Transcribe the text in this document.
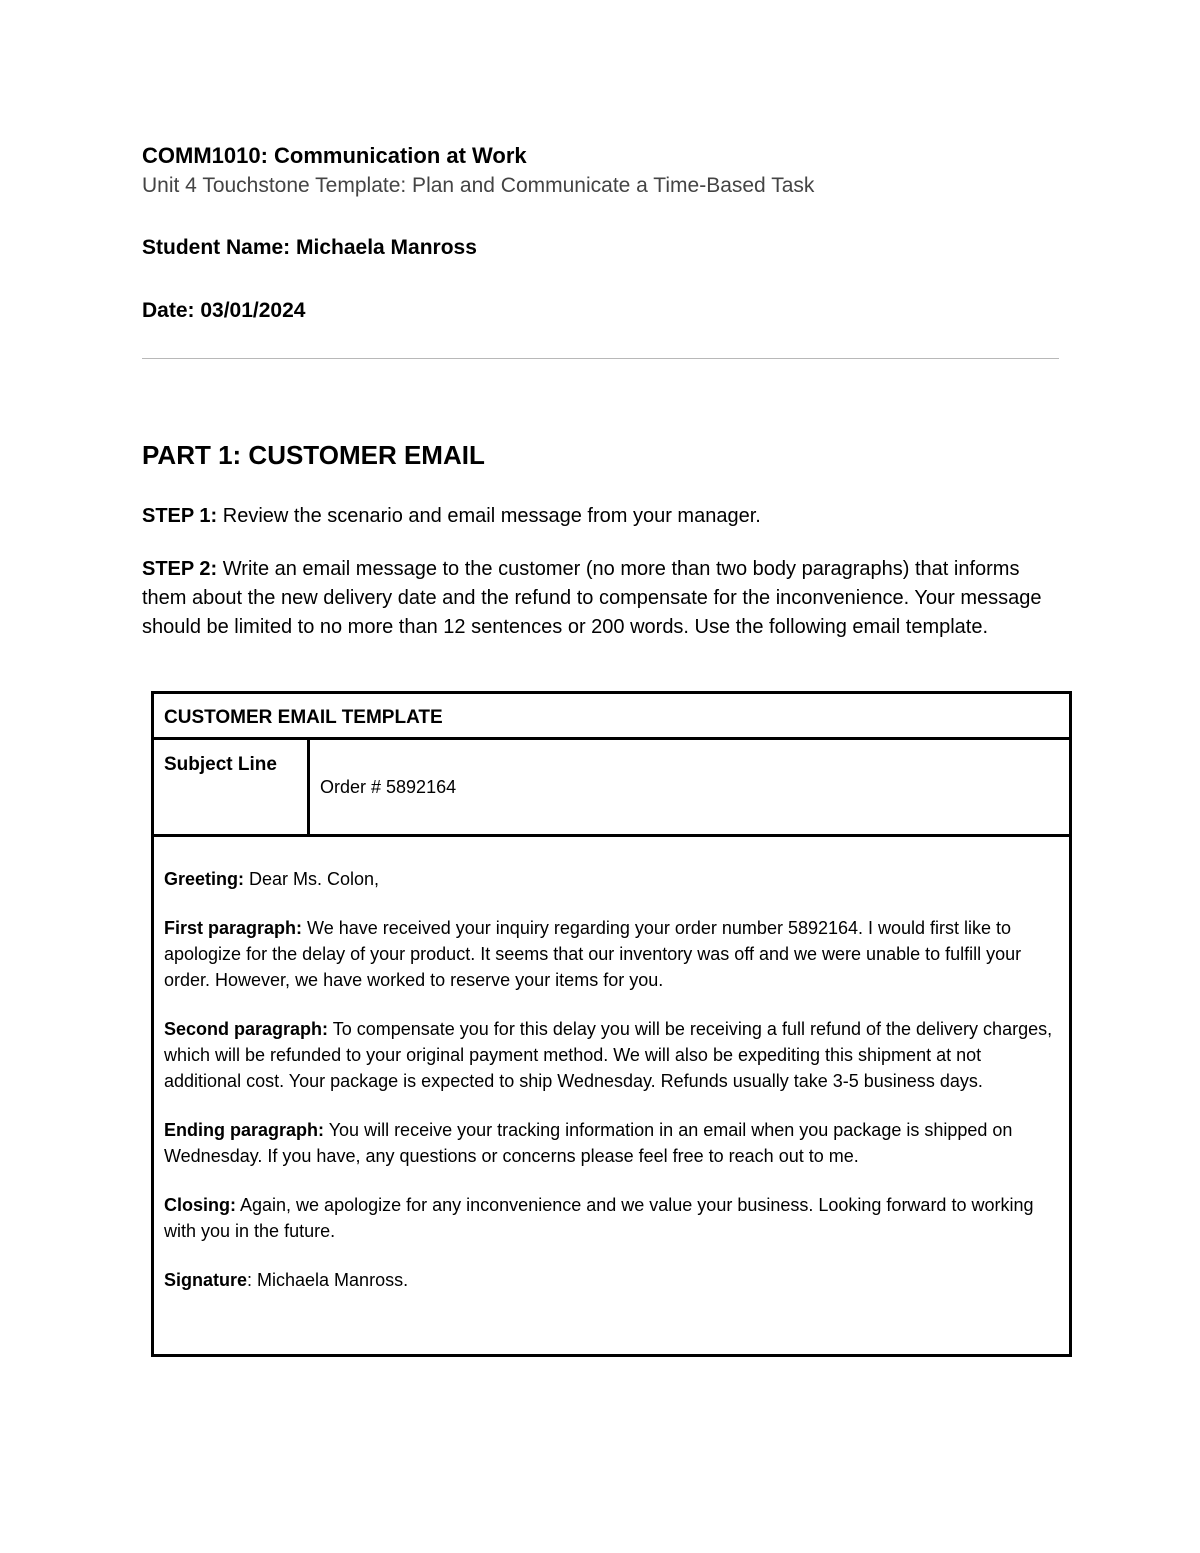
COMM1010: Communication at Work
Unit 4 Touchstone Template: Plan and Communicate a Time-Based Task
Student Name: Michaela Manross
Date: 03/01/2024
PART 1: CUSTOMER EMAIL
STEP 1: Review the scenario and email message from your manager.
STEP 2: Write an email message to the customer (no more than two body paragraphs) that informs them about the new delivery date and the refund to compensate for the inconvenience. Your message should be limited to no more than 12 sentences or 200 words. Use the following email template.
CUSTOMER EMAIL TEMPLATE
Subject Line
Order # 5892164

Greeting: Dear Ms. Colon,

First paragraph: We have received your inquiry regarding your order number 5892164. I would first like to apologize for the delay of your product. It seems that our inventory was off and we were unable to fulfill your order. However, we have worked to reserve your items for you.

Second paragraph: To compensate you for this delay you will be receiving a full refund of the delivery charges, which will be refunded to your original payment method. We will also be expediting this shipment at not additional cost. Your package is expected to ship Wednesday. Refunds usually take 3-5 business days.

Ending paragraph: You will receive your tracking information in an email when you package is shipped on Wednesday. If you have, any questions or concerns please feel free to reach out to me.

Closing: Again, we apologize for any inconvenience and we value your business. Looking forward to working with you in the future.

Signature: Michaela Manross.
